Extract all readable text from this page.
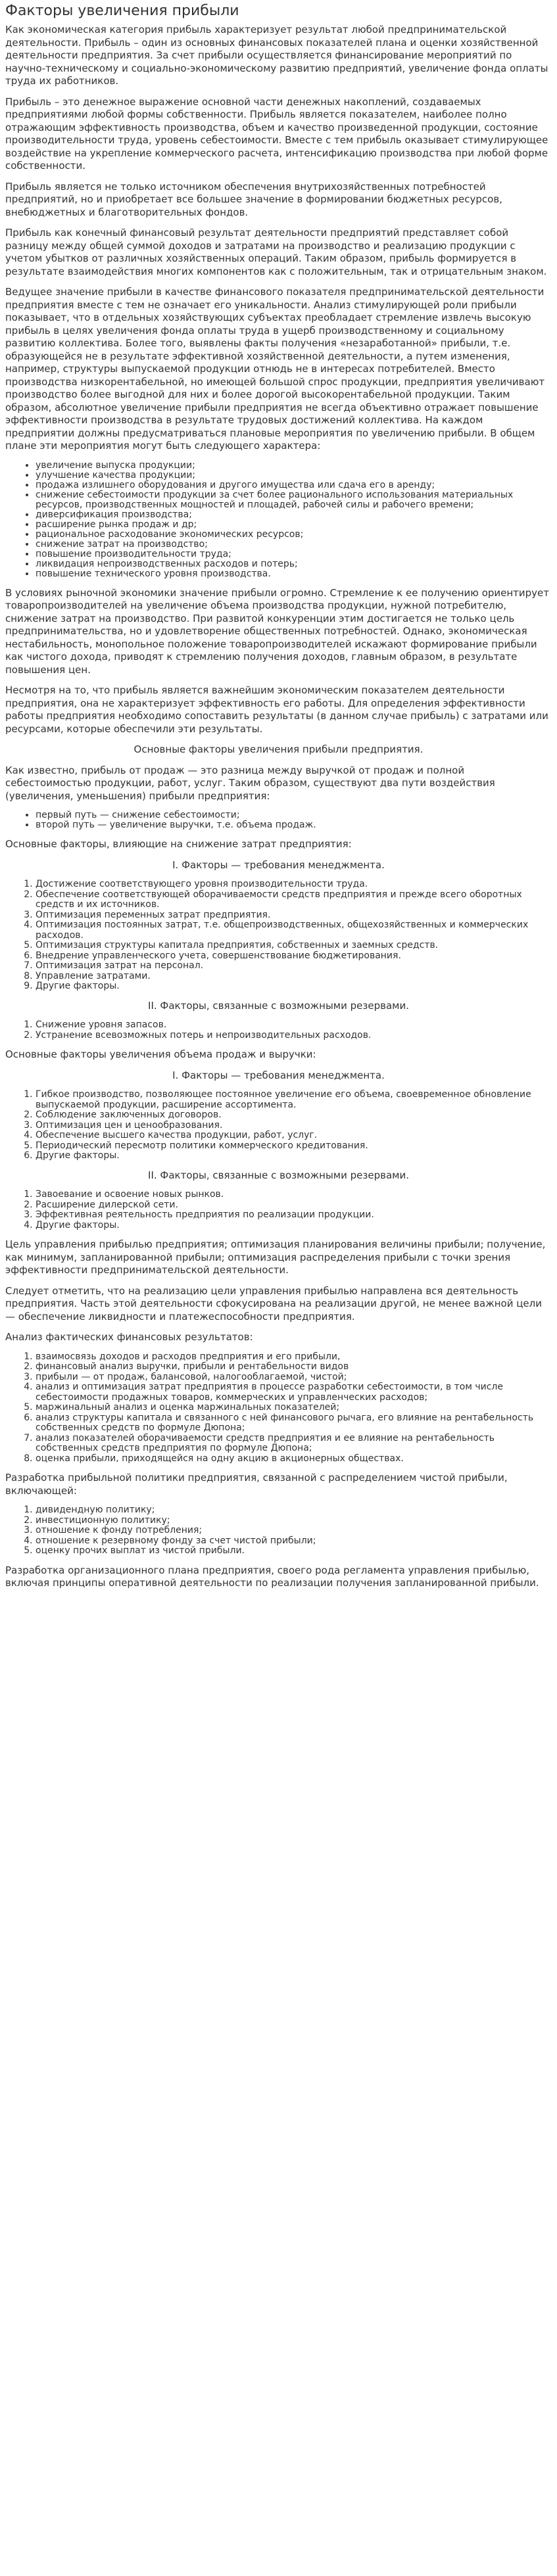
Факторы увеличения прибыли

Как экономическая категория прибыль характеризует результат любой предпринимательской деятельности. Прибыль – один из основных финансовых показателей плана и оценки хозяйственной деятельности предприятия. За счет прибыли осуществляется финансирование мероприятий по научно-техническому и социально-экономическому развитию предприятий, увеличение фонда оплаты труда их работников.

Прибыль – это денежное выражение основной части денежных накоплений, создаваемых предприятиями любой формы собственности. Прибыль является показателем, наиболее полно отражающим эффективность производства, объем и качество произведенной продукции, состояние производительности труда, уровень себестоимости. Вместе с тем прибыль оказывает стимулирующее воздействие на укрепление коммерческого расчета, интенсификацию производства при любой форме собственности.

Прибыль является не только источником обеспечения внутрихозяйственных потребностей предприятий, но и приобретает все большее значение в формировании бюджетных ресурсов, внебюджетных и благотворительных фондов.

Прибыль как конечный финансовый результат деятельности предприятий представляет собой разницу между общей суммой доходов и затратами на производство и реализацию продукции с учетом убытков от различных хозяйственных операций. Таким образом, прибыль формируется в результате взаимодействия многих компонентов как с положительным, так и отрицательным знаком.

Ведущее значение прибыли в качестве финансового показателя предпринимательской деятельности предприятия вместе с тем не означает его уникальности. Анализ стимулирующей роли прибыли показывает, что в отдельных хозяйствующих субъектах преобладает стремление извлечь высокую прибыль в целях увеличения фонда оплаты труда в ущерб производственному и социальному развитию коллектива. Более того, выявлены факты получения «незаработанной» прибыли, т.е. образующейся не в результате эффективной хозяйственной деятельности, а путем изменения, например, структуры выпускаемой продукции отнюдь не в интересах потребителей. Вместо производства низкорентабельной, но имеющей большой спрос продукции, предприятия увеличивают производство более выгодной для них и более дорогой высокорентабельной продукции. Таким образом, абсолютное увеличение прибыли предприятия не всегда объективно отражает повышение эффективности производства в результате трудовых достижений коллектива. На каждом предприятии должны предусматриваться плановые мероприятия по увеличению прибыли. В общем плане эти мероприятия могут быть следующего характера:

• увеличение выпуска продукции;
• улучшение качества продукции;
• продажа излишнего оборудования и другого имущества или сдача его в аренду;
• снижение себестоимости продукции за счет более рационального использования материальных ресурсов, производственных мощностей и площадей, рабочей силы и рабочего времени;
• диверсификация производства;
• расширение рынка продаж и др;
• рациональное расходование экономических ресурсов;
• снижение затрат на производство;
• повышение производительности труда;
• ликвидация непроизводственных расходов и потерь;
• повышение технического уровня производства.

В условиях рыночной экономики значение прибыли огромно. Стремление к ее получению ориентирует товаропроизводителей на увеличение объема производства продукции, нужной потребителю, снижение затрат на производство. При развитой конкуренции этим достигается не только цель предпринимательства, но и удовлетворение общественных потребностей. Однако, экономическая нестабильность, монопольное положение товаропроизводителей искажают формирование прибыли как чистого дохода, приводят к стремлению получения доходов, главным образом, в результате повышения цен.

Несмотря на то, что прибыль является важнейшим экономическим показателем деятельности предприятия, она не характеризует эффективность его работы. Для определения эффективности работы предприятия необходимо сопоставить результаты (в данном случае прибыль) с затратами или ресурсами, которые обеспечили эти результаты.

Основные факторы увеличения прибыли предприятия.

Как известно, прибыль от продаж — это разница между выручкой от продаж и полной себестоимостью продукции, работ, услуг. Таким образом, существуют два пути воздействия (увеличения, уменьшения) прибыли предприятия:

• первый путь — снижение себестоимости;
• второй путь — увеличение выручки, т.е. объема продаж.

Основные факторы, влияющие на снижение затрат предприятия:

I. Факторы — требования менеджмента.

1. Достижение соответствующего уровня производительности труда.
2. Обеспечение соответствующей оборачиваемости средств предприятия и прежде всего оборотных средств и их источников.
3. Оптимизация переменных затрат предприятия.
4. Оптимизация постоянных затрат, т.е. общепроизводственных, общехозяйственных и коммерческих расходов.
5. Оптимизация структуры капитала предприятия, собственных и заемных средств.
6. Внедрение управленческого учета, совершенствование бюджетирования.
7. Оптимизация затрат на персонал.
8. Управление затратами.
9. Другие факторы.

II. Факторы, связанные с возможными резервами.

1. Снижение уровня запасов.
2. Устранение всевозможных потерь и непроизводительных расходов.

Основные факторы увеличения объема продаж и выручки:

I. Факторы — требования менеджмента.

1. Гибкое производство, позволяющее постоянное увеличение его объема, своевременное обновление выпускаемой продукции, расширение ассортимента.
2. Соблюдение заключенных договоров.
3. Оптимизация цен и ценообразования.
4. Обеспечение высшего качества продукции, работ, услуг.
5. Периодический пересмотр политики коммерческого кредитования.
6. Другие факторы.

II. Факторы, связанные с возможными резервами.

1. Завоевание и освоение новых рынков.
2. Расширение дилерской сети.
3. Эффективная реятельность предприятия по реализации продукции.
4. Другие факторы.

Цель управления прибылью предприятия; оптимизация планирования величины прибыли; получение, как минимум, запланированной прибыли; оптимизация распределения прибыли с точки зрения эффективности предпринимательской деятельности.

Следует отметить, что на реализацию цели управления прибылью направлена вся деятельность предприятия. Часть этой деятельности сфокусирована на реализации другой, не менее важной цели — обеспечение ликвидности и платежеспособности предприятия.

Анализ фактических финансовых результатов:

1. взаимосвязь доходов и расходов предприятия и его прибыли,
2. финансовый анализ выручки, прибыли и рентабельности видов
3. прибыли — от продаж, балансовой, налогооблагаемой, чистой;
4. анализ и оптимизация затрат предприятия в процессе разработки себестоимости, в том числе себестоимости продажных товаров, коммерческих и управленческих расходов;
5. маржинальный анализ и оценка маржинальных показателей;
6. анализ структуры капитала и связанного с ней финансового рычага, его влияние на рентабельность собственных средств по формуле Дюпона;
7. анализ показателей оборачиваемости средств предприятия и ее влияние на рентабельность собственных средств предприятия по формуле Дюпона;
8. оценка прибыли, приходящейся на одну акцию в акционерных обществах.

Разработка прибыльной политики предприятия, связанной с распределением чистой прибыли, включающей:

1. дивидендную политику;
2. инвестиционную политику;
3. отношение к фонду потребления;
4. отношение к резервному фонду за счет чистой прибыли;
5. оценку прочих выплат из чистой прибыли.

Разработка организационного плана предприятия, своего рода регламента управления прибылью, включая принципы оперативной деятельности по реализации получения запланированной прибыли.
